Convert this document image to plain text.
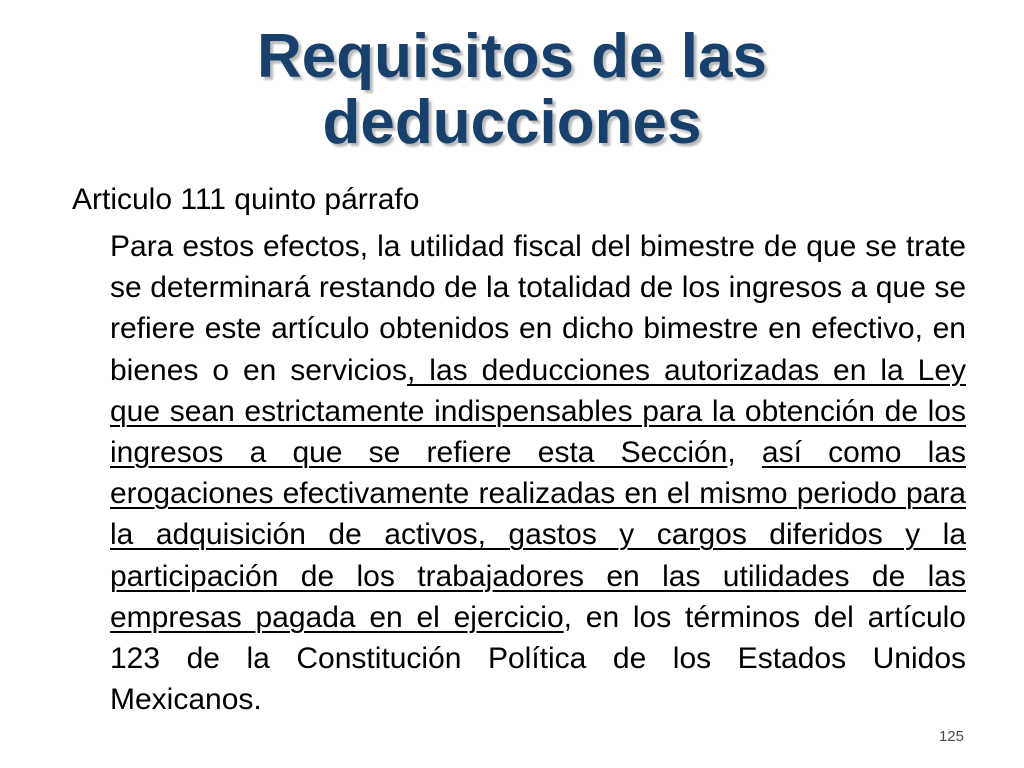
Requisitos de las deducciones

Articulo 111 quinto párrafo

Para estos efectos, la utilidad fiscal del bimestre de que se trate se determinará restando de la totalidad de los ingresos a que se refiere este artículo obtenidos en dicho bimestre en efectivo, en bienes o en servicios, las deducciones autorizadas en la Ley que sean estrictamente indispensables para la obtención de los ingresos a que se refiere esta Sección, así como las erogaciones efectivamente realizadas en el mismo periodo para la adquisición de activos, gastos y cargos diferidos y la participación de los trabajadores en las utilidades de las empresas pagada en el ejercicio, en los términos del artículo 123 de la Constitución Política de los Estados Unidos Mexicanos.

125
